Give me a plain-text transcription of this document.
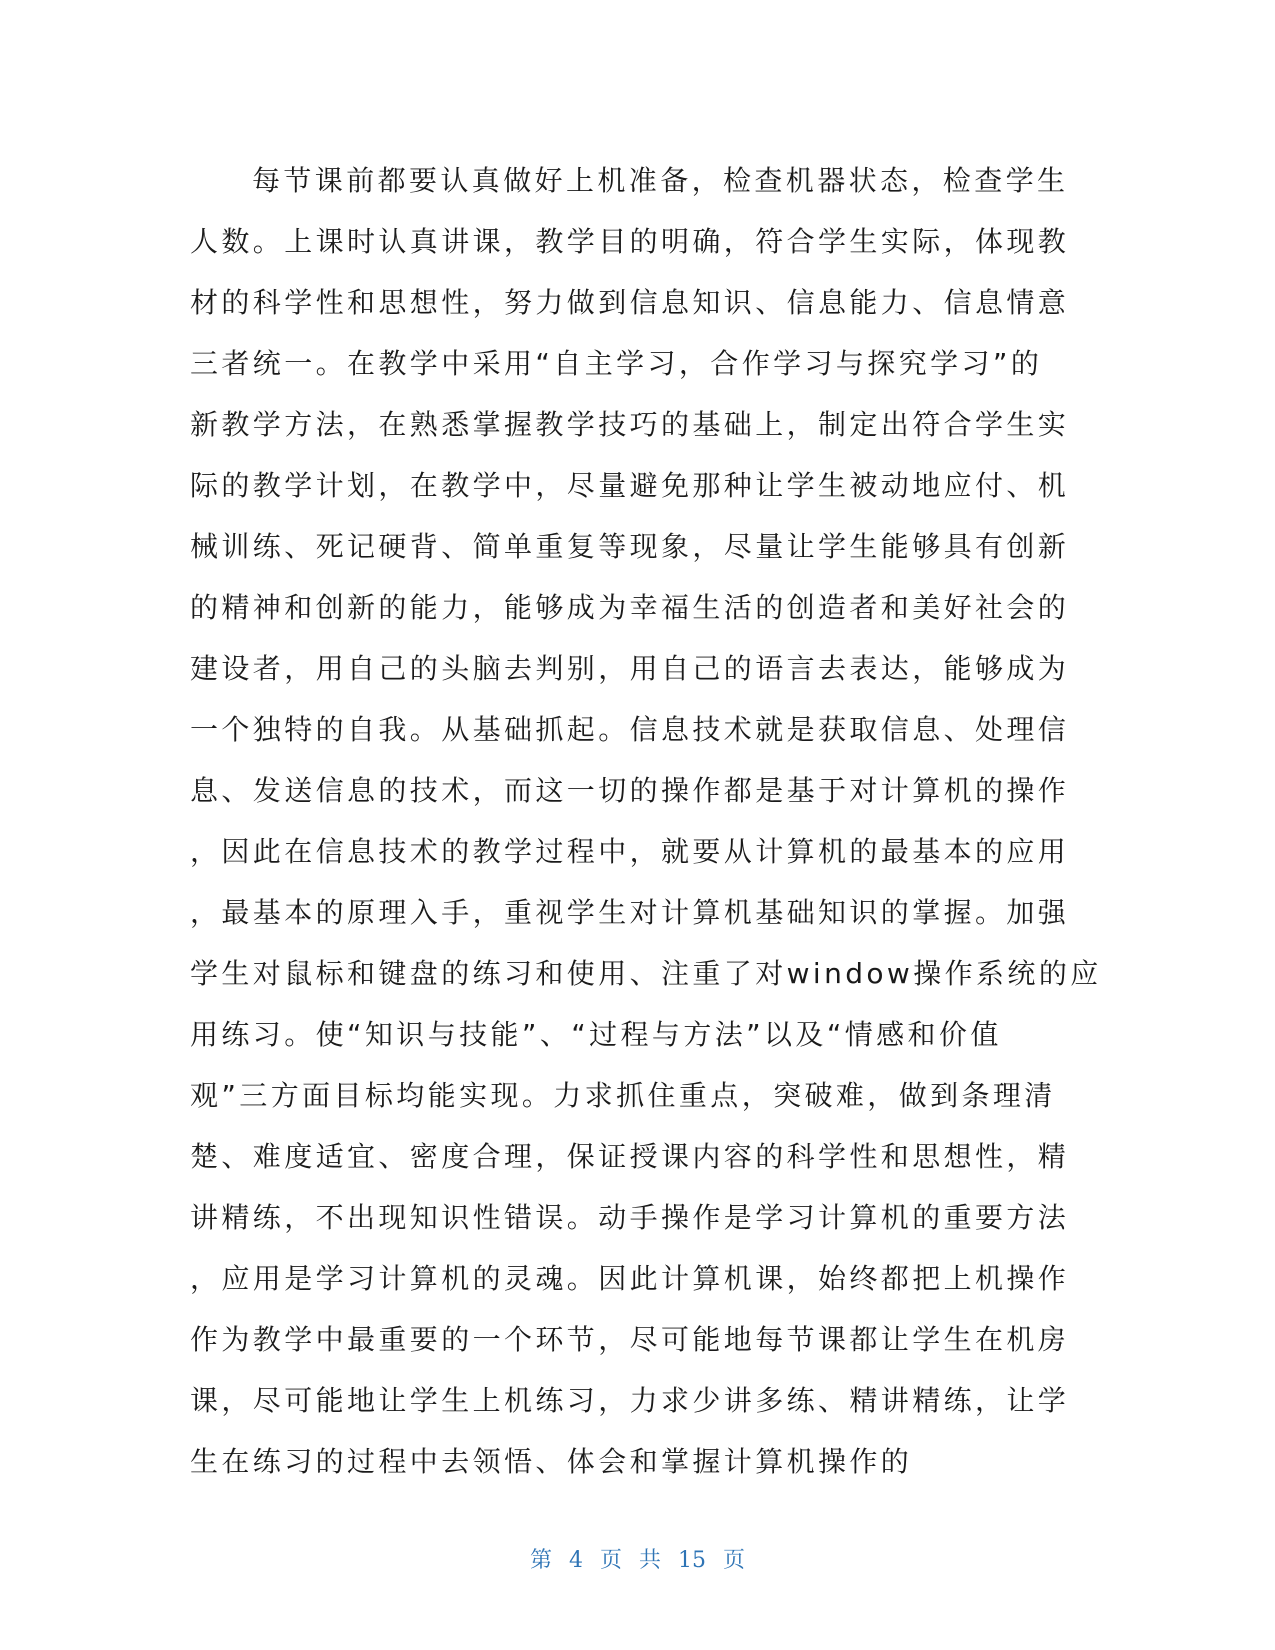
每节课前都要认真做好上机准备，检查机器状态，检查学生
人数。上课时认真讲课，教学目的明确，符合学生实际，体现教
材的科学性和思想性，努力做到信息知识、信息能力、信息情意
三者统一。在教学中采用“自主学习，合作学习与探究学习”的
新教学方法，在熟悉掌握教学技巧的基础上，制定出符合学生实
际的教学计划，在教学中，尽量避免那种让学生被动地应付、机
械训练、死记硬背、简单重复等现象，尽量让学生能够具有创新
的精神和创新的能力，能够成为幸福生活的创造者和美好社会的
建设者，用自己的头脑去判别，用自己的语言去表达，能够成为
一个独特的自我。从基础抓起。信息技术就是获取信息、处理信
息、发送信息的技术，而这一切的操作都是基于对计算机的操作
，因此在信息技术的教学过程中，就要从计算机的最基本的应用
，最基本的原理入手，重视学生对计算机基础知识的掌握。加强
学生对鼠标和键盘的练习和使用、注重了对window操作系统的应
用练习。使“知识与技能”、“过程与方法”以及“情感和价值
观”三方面目标均能实现。力求抓住重点，突破难，做到条理清
楚、难度适宜、密度合理，保证授课内容的科学性和思想性，精
讲精练，不出现知识性错误。动手操作是学习计算机的重要方法
，应用是学习计算机的灵魂。因此计算机课，始终都把上机操作
作为教学中最重要的一个环节，尽可能地每节课都让学生在机房
课，尽可能地让学生上机练习，力求少讲多练、精讲精练，让学
生在练习的过程中去领悟、体会和掌握计算机操作的

第 4 页 共 15 页
